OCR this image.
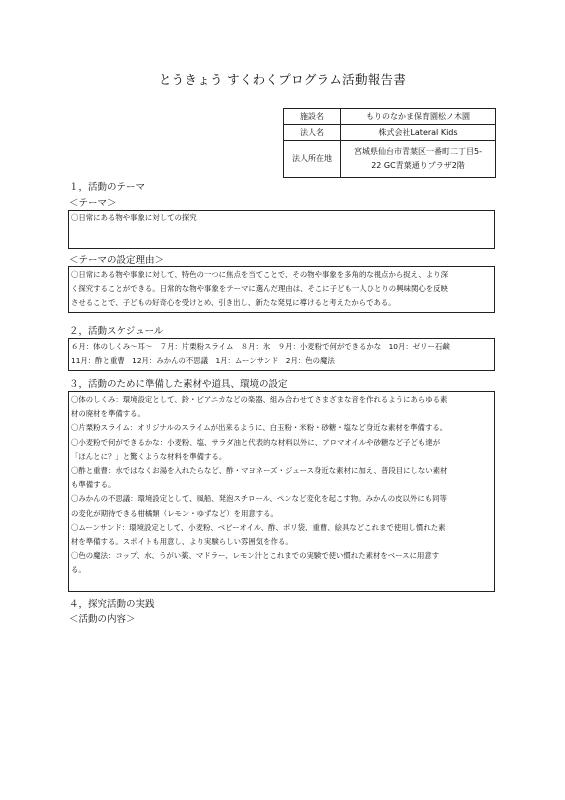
とうきょう すくわくプログラム活動報告書
施設名	もりのなかま保育園松ノ木園
法人名	株式会社Lateral Kids
法人所在地	宮城県仙台市青葉区一番町二丁目5-
22 GC青葉通りプラザ2階
１，活動のテーマ
＜テーマ＞

〇日常にある物や事象に対しての探究

＜テーマの設定理由＞

〇日常にある物や事象に対して、特色の一つに焦点を当てことで、その物や事象を多角的な視点から捉え、より深

く探究することができる。日常的な物や事象をテーマに選んだ理由は、そこに子ども一人ひとりの興味関心を反映

させることで、子どもの好奇心を受けとめ、引き出し、新たな発見に導けると考えたからである。

２，活動スケジュール

６月：体のしくみ～耳～　７月：片栗粉スライム　８月：氷　９月：小麦粉で何ができるかな　10月：ゼリー石鹸

11月：酢と重曹　12月：みかんの不思議　1月：ムーンサンド　2月：色の魔法

３，活動のために準備した素材や道具、環境の設定

〇体のしくみ：環境設定として、鈴・ピアニカなどの楽器、組み合わせてさまざまな音を作れるようにあらゆる素

材の廃材を準備する。

〇片栗粉スライム：オリジナルのスライムが出来るように、白玉粉・米粉・砂糖・塩など身近な素材を準備する。

〇小麦粉で何ができるかな：小麦粉、塩、サラダ油と代表的な材料以外に、アロマオイルや砂糖など子ども達が

「ほんとに？」と驚くような材料を準備する。

〇酢と重曹：水ではなくお湯を入れたらなど、酢・マヨネーズ・ジュース身近な素材に加え、普段目にしない素材

も準備する。

〇みかんの不思議：環境設定として、風船、発泡スチロール、ペンなど変化を起こす物。みかんの皮以外にも同等

の変化が期待できる柑橘類（レモン・ゆずなど）を用意する。

〇ムーンサンド：環境設定として、小麦粉、ベビーオイル、酢、ポリ袋、重曹、絵具などこれまで使用し慣れた素

材を準備する。スポイトも用意し、より実験らしい雰囲気を作る。

〇色の魔法：コップ、水、うがい薬、マドラー、レモン汁とこれまでの実験で使い慣れた素材をベースに用意す

る。

４，探究活動の実践
＜活動の内容＞
